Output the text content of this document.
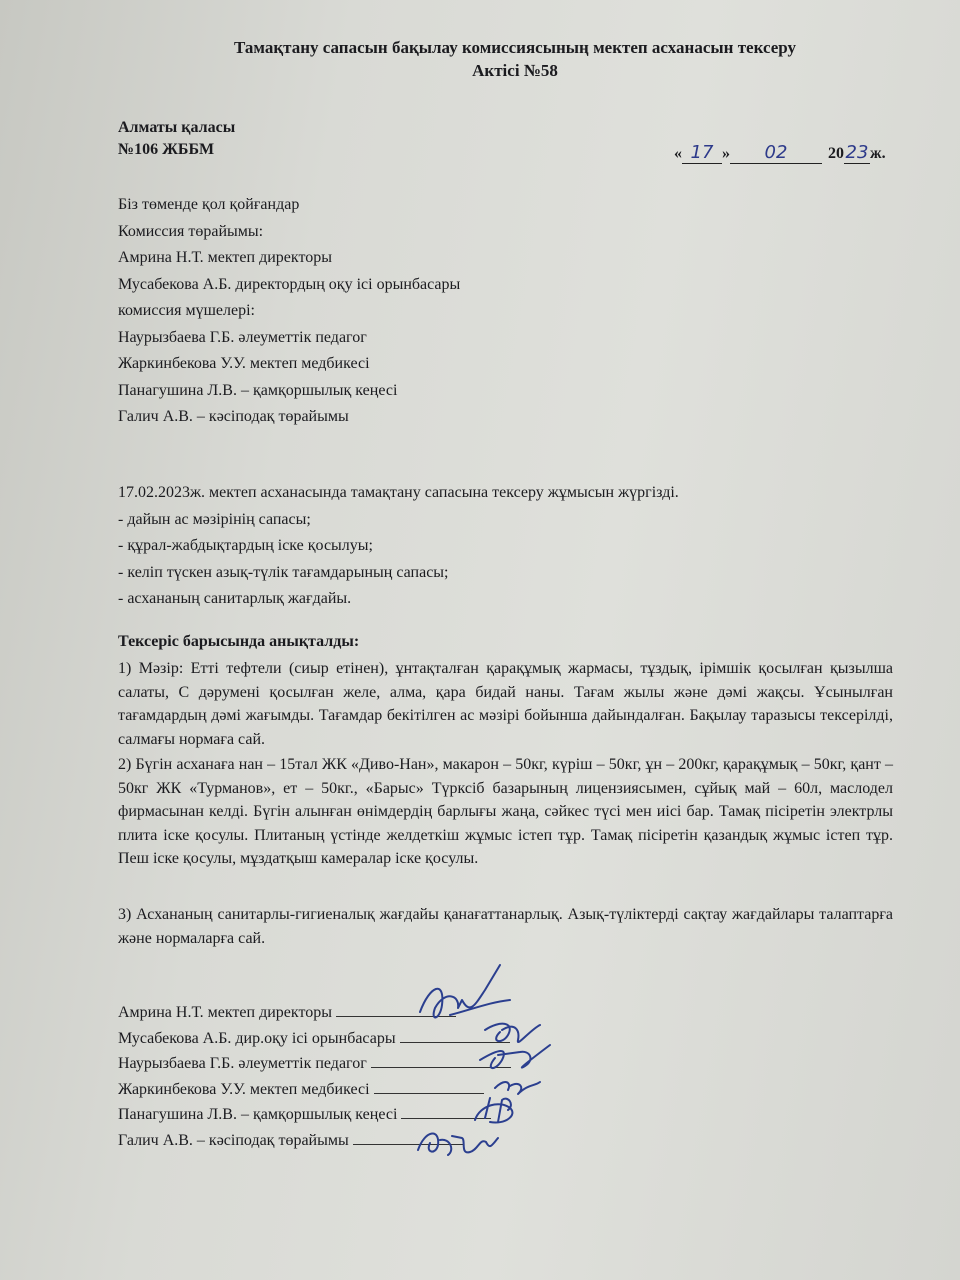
Тамақтану сапасын бақылау комиссиясының мектеп асханасын тексеру
Актісі №58
Алматы қаласы
№106 ЖББМ	« 17 »	02	20 23 ж.
Біз төменде қол қойғандар
Комиссия төрайымы:
Амрина Н.Т. мектеп директоры
Мусабекова А.Б. директордың оқу ісі орынбасары
комиссия мүшелері:
Наурызбаева Г.Б. әлеуметтік педагог
Жаркинбекова У.У. мектеп медбикесі
Панагушина Л.В. – қамқоршылық кеңесі
Галич А.В. – кәсіподақ төрайымы
17.02.2023ж. мектеп асханасында тамақтану сапасына тексеру жұмысын жүргізді.
- дайын ас мәзірінің сапасы;
- құрал-жабдықтардың іске қосылуы;
- келіп түскен азық-түлік тағамдарының сапасы;
- асхананың санитарлық жағдайы.
Тексеріс барысында анықталды:
1) Мәзір: Етті тефтели (сиыр етінен), ұнтақталған қарақұмық жармасы, тұздық, ірімшік қосылған қызылша салаты, С дәрумені қосылған желе, алма, қара бидай наны. Тағам жылы және дәмі жақсы. Ұсынылған тағамдардың дәмі жағымды. Тағамдар бекітілген ас мәзірі бойынша дайындалған. Бақылау таразысы тексерілді, салмағы нормаға сай.
2) Бүгін асханаға нан – 15тал ЖК «Диво-Нан», макарон – 50кг, күріш – 50кг, ұн – 200кг, қарақұмық – 50кг, қант – 50кг ЖК «Турманов», ет – 50кг., «Барыс» Түрксіб базарының лицензиясымен, сұйық май – 60л, маслодел фирмасынан келді. Бүгін алынған өнімдердің барлығы жаңа, сәйкес түсі мен иісі бар. Тамақ пісіретін электрлы плита іске қосулы. Плитаның үстінде желдеткіш жұмыс істеп тұр. Тамақ пісіретін қазандық жұмыс істеп тұр. Пеш іске қосулы, мұздатқыш камералар іске қосулы.
3) Асхананың санитарлы-гигиеналық жағдайы қанағаттанарлық. Азық-түліктерді сақтау жағдайлары талаптарға және нормаларға сай.
Амрина Н.Т. мектеп директоры
Мусабекова А.Б. дир.оқу ісі орынбасары
Наурызбаева Г.Б. әлеуметтік педагог
Жаркинбекова У.У. мектеп медбикесі
Панагушина Л.В. – қамқоршылық кеңесі
Галич А.В. – кәсіподақ төрайымы
